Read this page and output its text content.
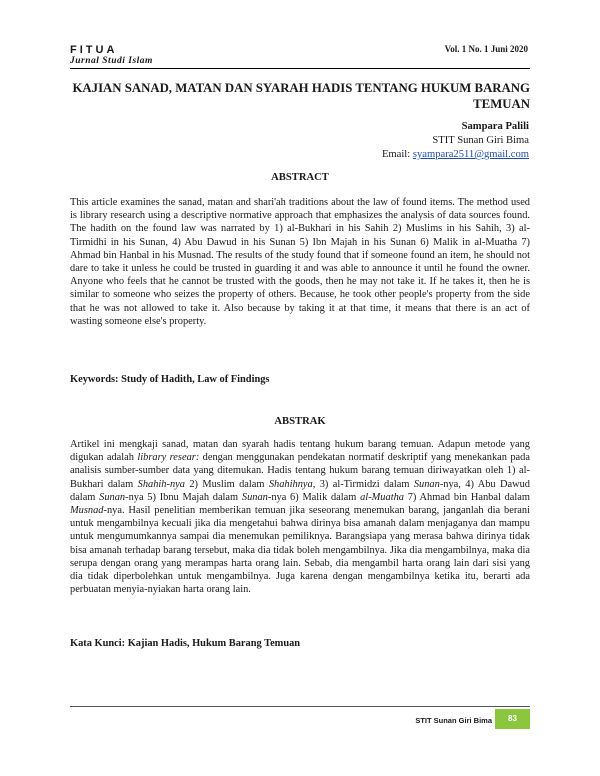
FITUA
Jurnal Studi Islam
Vol. 1 No. 1 Juni 2020
KAJIAN SANAD, MATAN DAN SYARAH HADIS TENTANG HUKUM BARANG TEMUAN
Sampara Palili
STIT Sunan Giri Bima
Email: syampara2511@gmail.com
ABSTRACT
This article examines the sanad, matan and shari'ah traditions about the law of found items. The method used is library research using a descriptive normative approach that emphasizes the analysis of data sources found. The hadith on the found law was narrated by 1) al-Bukhari in his Sahih 2) Muslims in his Sahih, 3) al-Tirmidhi in his Sunan, 4) Abu Dawud in his Sunan 5) Ibn Majah in his Sunan 6) Malik in al-Muatha 7) Ahmad bin Hanbal in his Musnad. The results of the study found that if someone found an item, he should not dare to take it unless he could be trusted in guarding it and was able to announce it until he found the owner. Anyone who feels that he cannot be trusted with the goods, then he may not take it. If he takes it, then he is similar to someone who seizes the property of others. Because, he took other people's property from the side that he was not allowed to take it. Also because by taking it at that time, it means that there is an act of wasting someone else's property.
Keywords: Study of Hadith, Law of Findings
ABSTRAK
Artikel ini mengkaji sanad, matan dan syarah hadis tentang hukum barang temuan. Adapun metode yang digukan adalah library resear: dengan menggunakan pendekatan normatif deskriptif yang menekankan pada analisis sumber-sumber data yang ditemukan. Hadis tentang hukum barang temuan diriwayatkan oleh 1) al-Bukhari dalam Shahih-nya 2) Muslim dalam Shahihnya, 3) al-Tirmidzi dalam Sunan-nya, 4) Abu Dawud dalam Sunan-nya 5) Ibnu Majah dalam Sunan-nya 6) Malik dalam al-Muatha 7) Ahmad bin Hanbal dalam Musnad-nya. Hasil penelitian memberikan temuan jika seseorang menemukan barang, janganlah dia berani untuk mengambilnya kecuali jika dia mengetahui bahwa dirinya bisa amanah dalam menjaganya dan mampu untuk mengumumkannya sampai dia menemukan pemiliknya. Barangsiapa yang merasa bahwa dirinya tidak bisa amanah terhadap barang tersebut, maka dia tidak boleh mengambilnya. Jika dia mengambilnya, maka dia serupa dengan orang yang merampas harta orang lain. Sebab, dia mengambil harta orang lain dari sisi yang dia tidak diperbolehkan untuk mengambilnya. Juga karena dengan mengambilnya ketika itu, berarti ada perbuatan menyia-nyiakan harta orang lain.
Kata Kunci: Kajian Hadis, Hukum Barang Temuan
STIT Sunan Giri Bima	83
